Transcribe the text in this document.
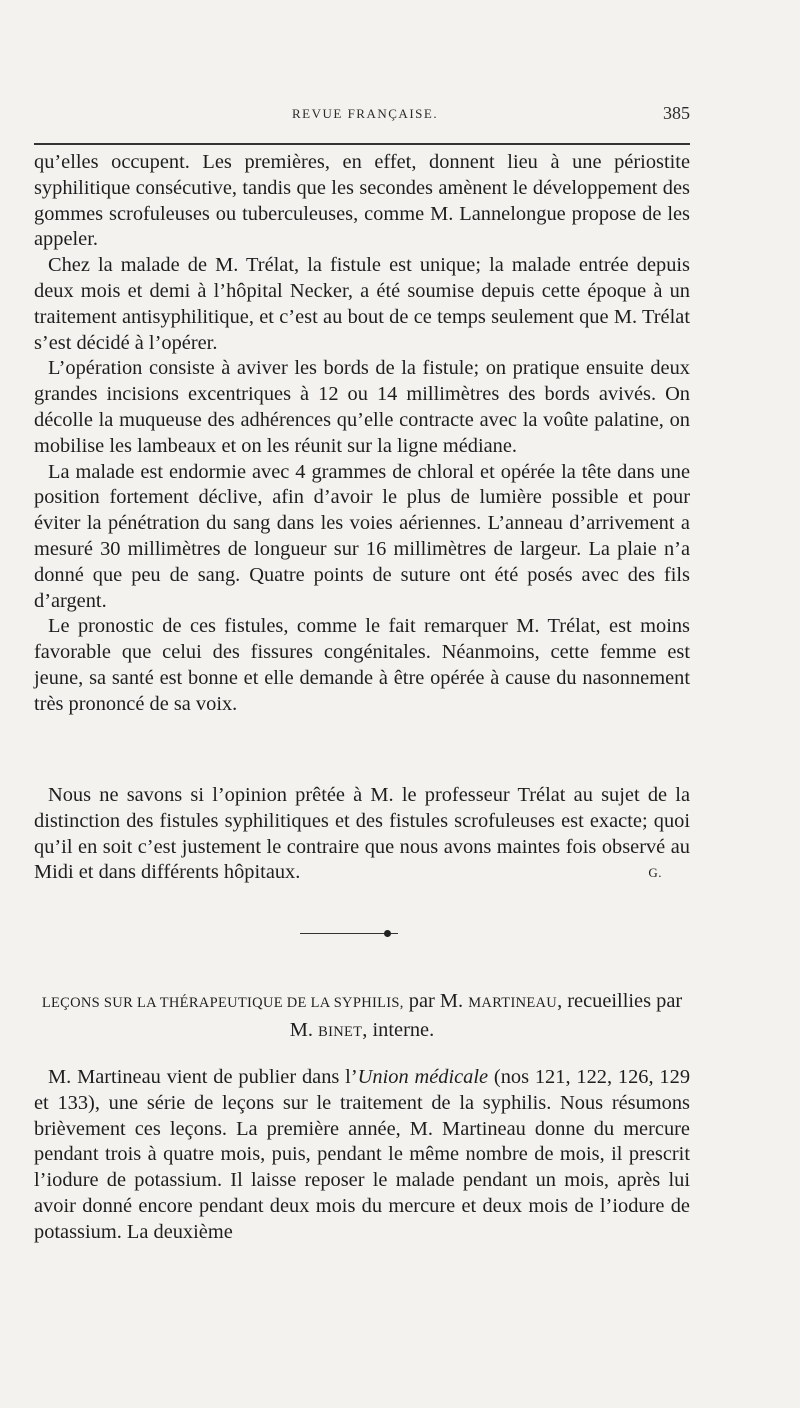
REVUE FRANÇAISE.	385

qu’elles occupent. Les premières, en effet, donnent lieu à une périostite syphilitique consécutive, tandis que les secondes amènent le développement des gommes scrofuleuses ou tuberculeuses, comme M. Lannelongue propose de les appeler.

Chez la malade de M. Trélat, la fistule est unique; la malade entrée depuis deux mois et demi à l’hôpital Necker, a été soumise depuis cette époque à un traitement antisyphilitique, et c’est au bout de ce temps seulement que M. Trélat s’est décidé à l’opérer.

L’opération consiste à aviver les bords de la fistule; on pratique ensuite deux grandes incisions excentriques à 12 ou 14 millimètres des bords avivés. On décolle la muqueuse des adhérences qu’elle contracte avec la voûte palatine, on mobilise les lambeaux et on les réunit sur la ligne médiane.

La malade est endormie avec 4 grammes de chloral et opérée la tête dans une position fortement déclive, afin d’avoir le plus de lumière possible et pour éviter la pénétration du sang dans les voies aériennes. L’anneau d’arrivement a mesuré 30 millimètres de longueur sur 16 millimètres de largeur. La plaie n’a donné que peu de sang. Quatre points de suture ont été posés avec des fils d’argent.

Le pronostic de ces fistules, comme le fait remarquer M. Trélat, est moins favorable que celui des fissures congénitales. Néanmoins, cette femme est jeune, sa santé est bonne et elle demande à être opérée à cause du nasonnement très prononcé de sa voix.

Nous ne savons si l’opinion prêtée à M. le professeur Trélat au sujet de la distinction des fistules syphilitiques et des fistules scrofuleuses est exacte; quoi qu’il en soit c’est justement le contraire que nous avons maintes fois observé au Midi et dans différents hôpitaux.	G.

LEÇONS SUR LA THÉRAPEUTIQUE DE LA SYPHILIS, par M. MARTINEAU, recueillies par M. BINET, interne.

M. Martineau vient de publier dans l’Union médicale (nos 121, 122, 126, 129 et 133), une série de leçons sur le traitement de la syphilis. Nous résumons brièvement ces leçons. La première année, M. Martineau donne du mercure pendant trois à quatre mois, puis, pendant le même nombre de mois, il prescrit l’iodure de potassium. Il laisse reposer le malade pendant un mois, après lui avoir donné encore pendant deux mois du mercure et deux mois de l’iodure de potassium. La deuxième
